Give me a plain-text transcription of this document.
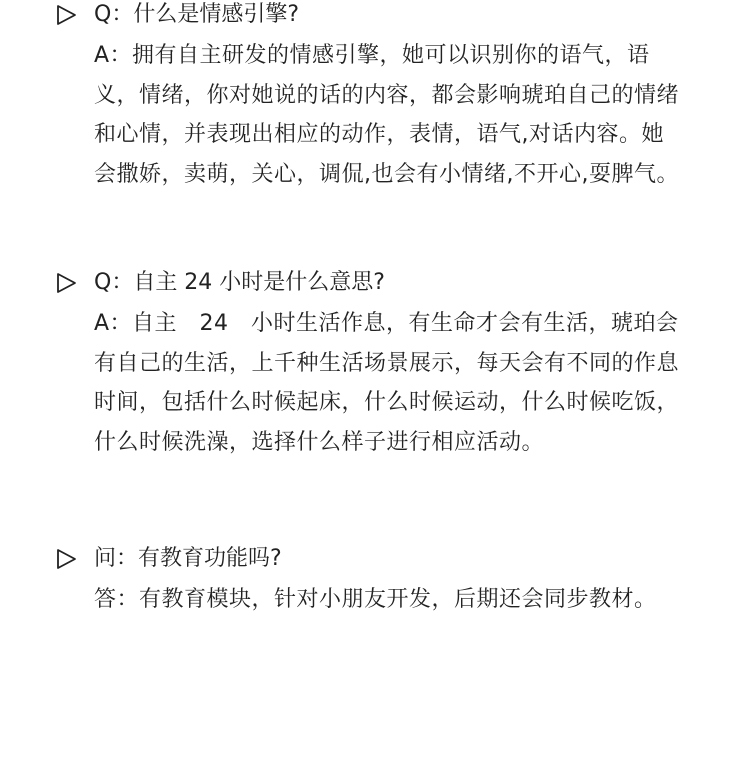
Q：什么是情感引擎?
A：拥有自主研发的情感引擎，她可以识别你的语气，语义，情绪，你对她说的话的内容，都会影响琥珀自己的情绪和心情，并表现出相应的动作，表情，语气,对话内容。她会撒娇，卖萌，关心，调侃,也会有小情绪,不开心,耍脾气。
Q：自主 24 小时是什么意思?
A：自主　24　小时生活作息，有生命才会有生活，琥珀会有自己的生活，上千种生活场景展示，每天会有不同的作息时间，包括什么时候起床，什么时候运动，什么时候吃饭，什么时候洗澡，选择什么样子进行相应活动。
问：有教育功能吗?
答：有教育模块，针对小朋友开发，后期还会同步教材。
